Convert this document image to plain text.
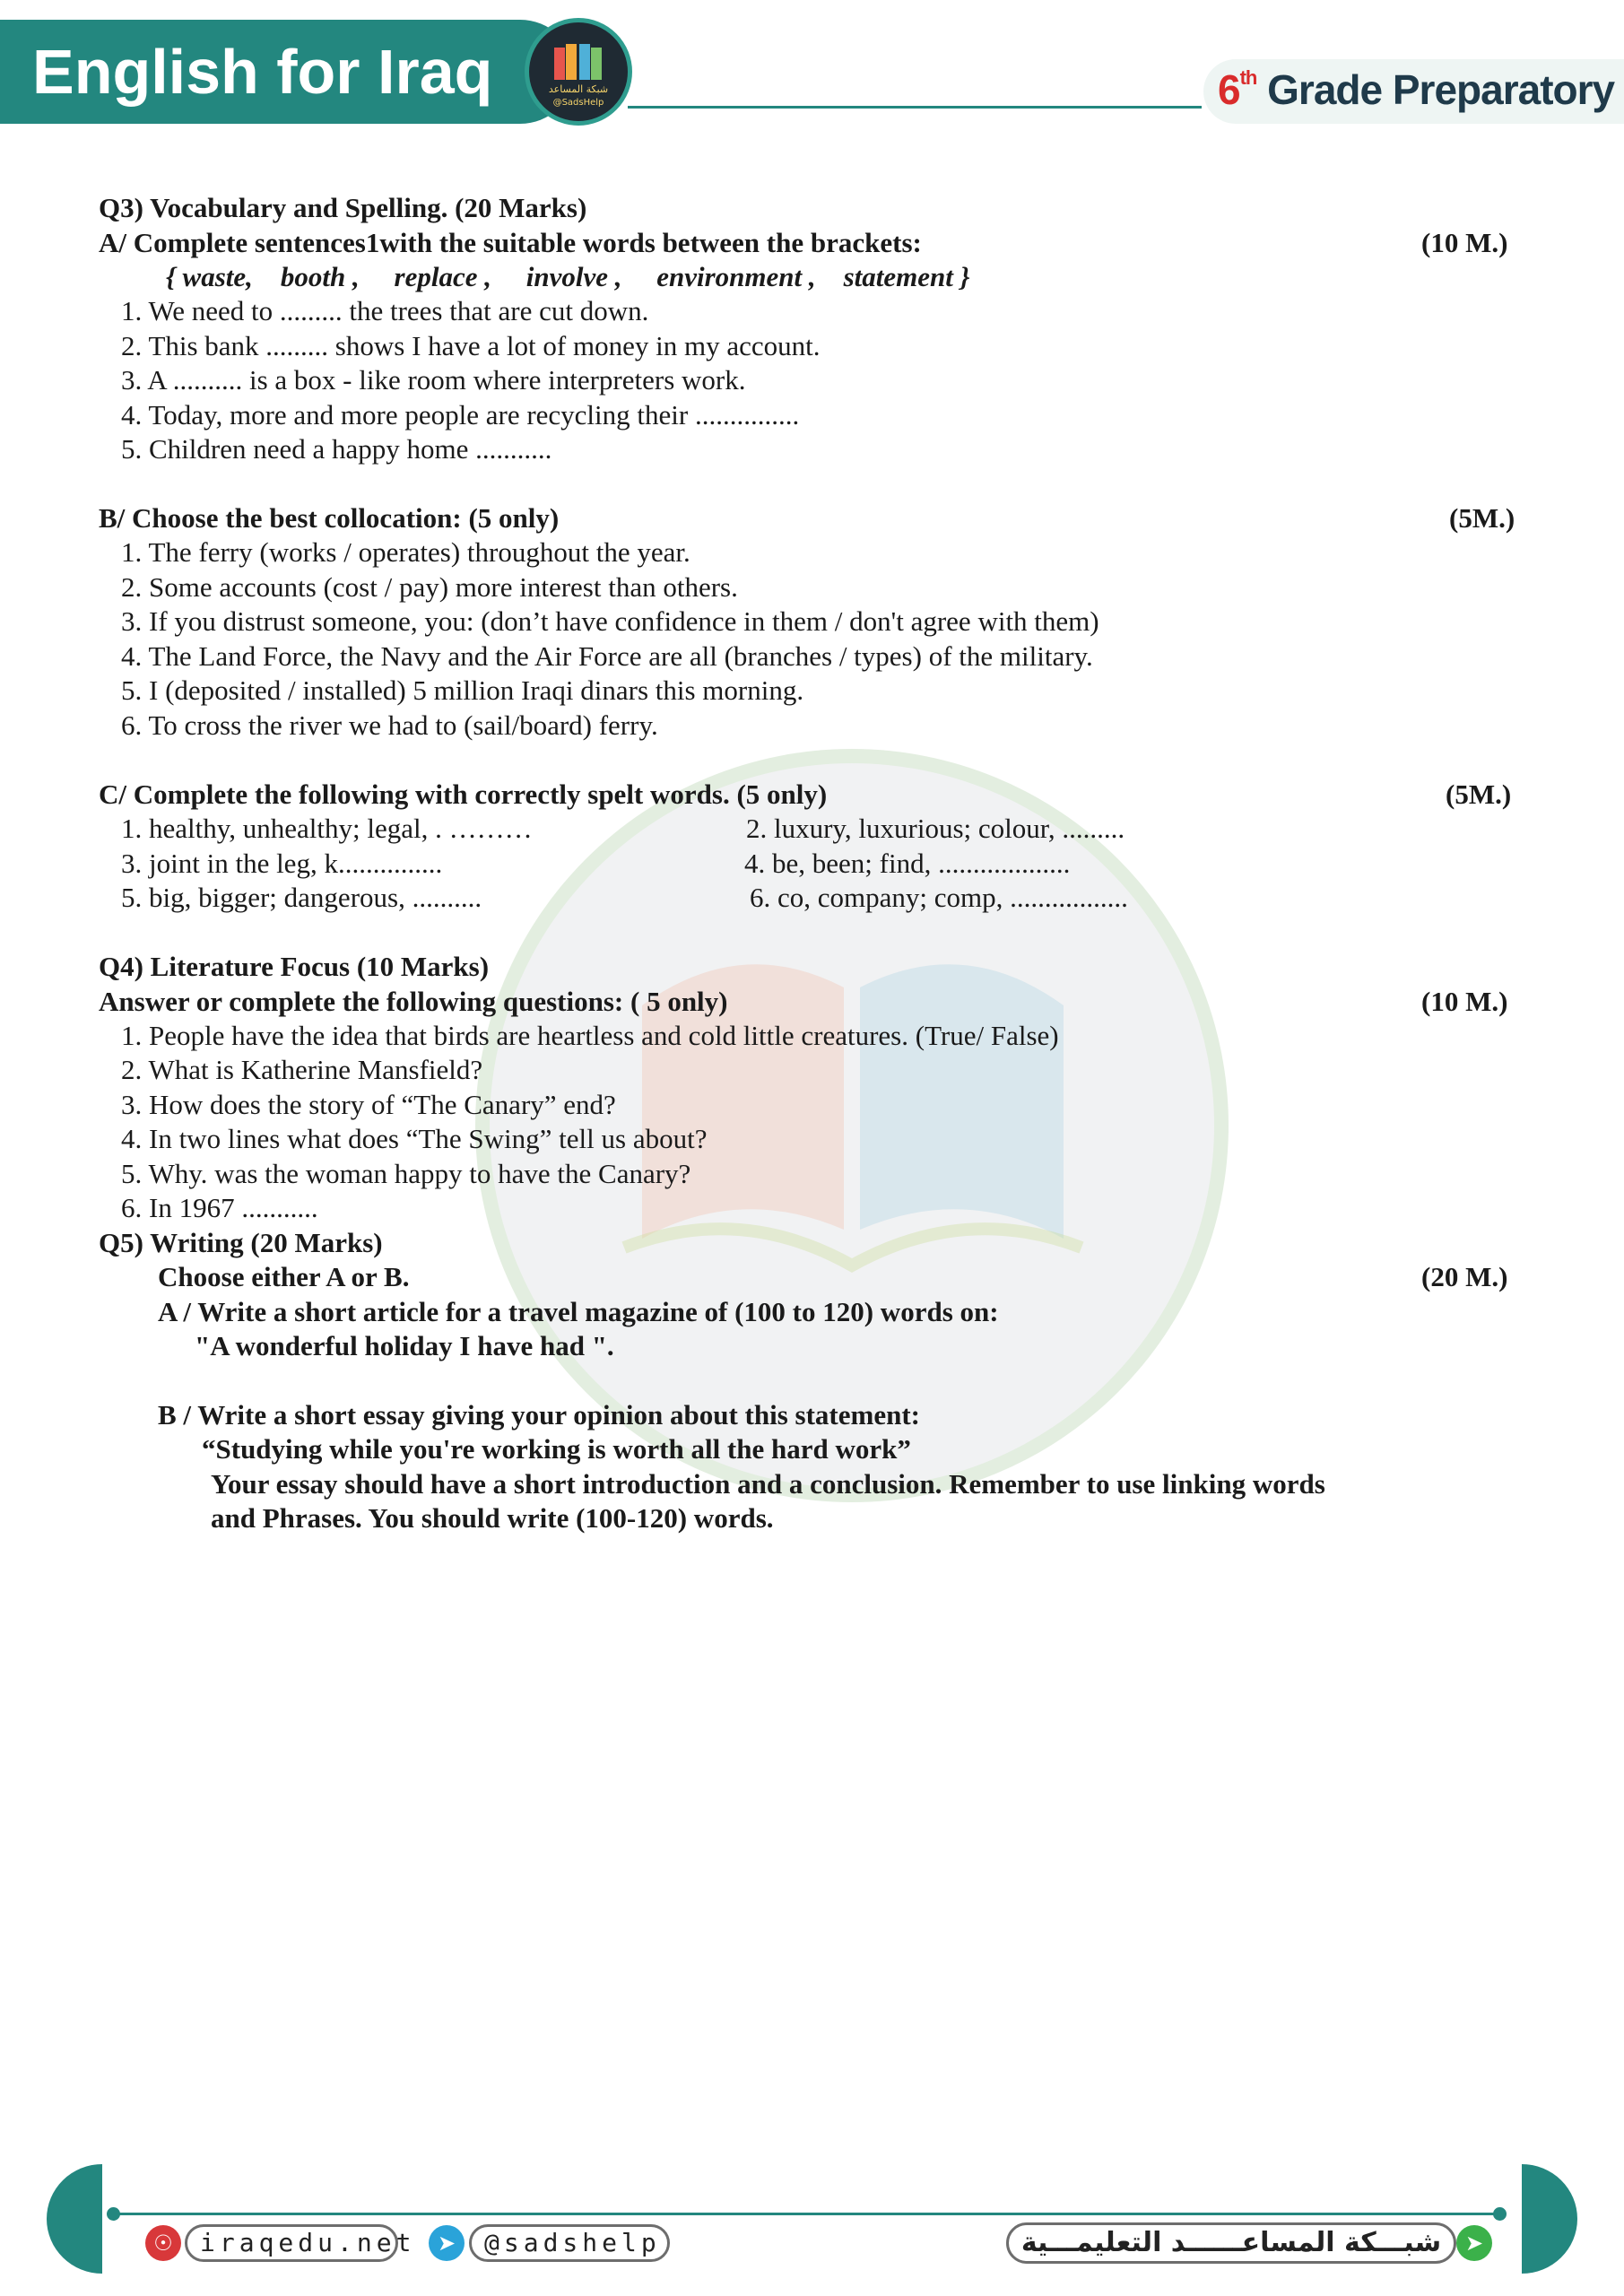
English for Iraq	شبكة المساعد
@SadsHelp	6th Grade Preparatory
Q3) Vocabulary and Spelling. (20 Marks)
A/ Complete sentences1with the suitable words between the brackets:	(10 M.)
{ waste,    booth ,     replace ,     involve ,     environment ,    statement }
1. We need to ......... the trees that are cut down.
2. This bank ......... shows I have a lot of money in my account.
3. A .......... is a box - like room where interpreters work.
4. Today, more and more people are recycling their ...............
5. Children need a happy home ...........
B/ Choose the best collocation: (5 only)	(5M.)
1. The ferry (works / operates) throughout the year.
2. Some accounts (cost / pay) more interest than others.
3. If you distrust someone, you: (don’t have confidence in them / don't agree with them)
4. The Land Force, the Navy and the Air Force are all (branches / types) of the military.
5. I (deposited / installed) 5 million Iraqi dinars this morning.
6. To cross the river we had to (sail/board) ferry.
C/ Complete the following with correctly spelt words. (5 only)	(5M.)
1. healthy, unhealthy; legal, . ………	2. luxury, luxurious; colour, .........
3. joint in the leg, k...............	4. be, been; find, ...................
5. big, bigger; dangerous, ..........	6. co, company; comp, .................
Q4) Literature Focus (10 Marks)
Answer or complete the following questions: ( 5 only)	(10 M.)
1. People have the idea that birds are heartless and cold little creatures. (True/ False)
2. What is Katherine Mansfield?
3. How does the story of “The Canary” end?
4. In two lines what does “The Swing” tell us about?
5. Why. was the woman happy to have the Canary?
6. In 1967 ...........
Q5) Writing (20 Marks)
Choose either A or B.	(20 M.)
A / Write a short article for a travel magazine of (100 to 120) words on:
"A wonderful holiday I have had ".
B / Write a short essay giving your opinion about this statement:
“Studying while you're working is worth all the hard work”
Your essay should have a short introduction and a conclusion. Remember to use linking words
and Phrases. You should write (100-120) words.
☉	iraqedu.net	➤	@sadshelp	شبـــكة المساعــــــد التعليمـــية	➤
